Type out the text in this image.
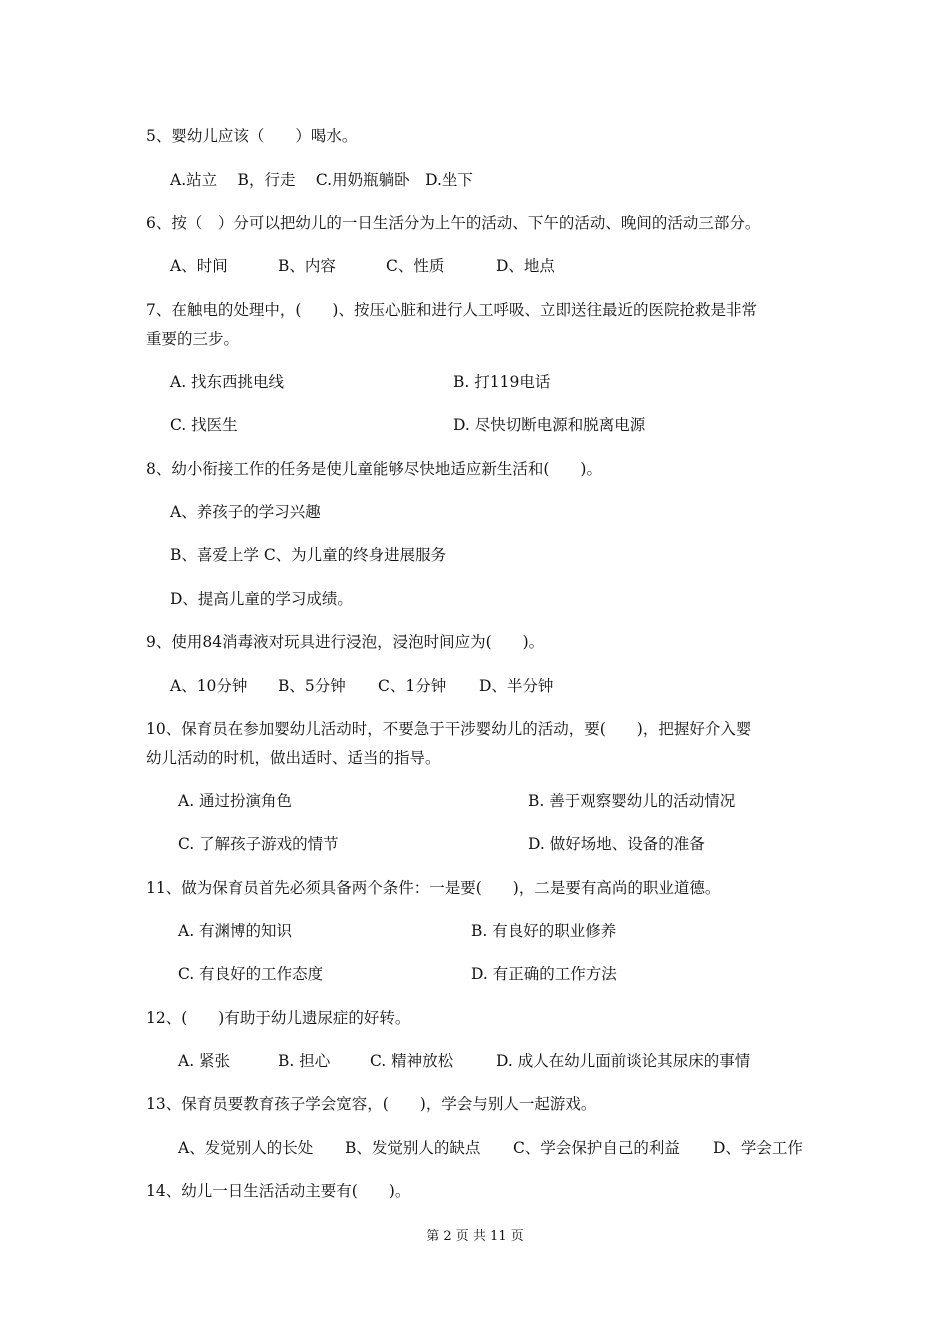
5、婴幼儿应该（　　）喝水。
A.站立　 B，行走　 C.用奶瓶躺卧　D.坐下
6、按（　）分可以把幼儿的一日生活分为上午的活动、下午的活动、晚间的活动三部分。
A、时间	B、内容	C、性质	D、地点
7、在触电的处理中，(　　)、按压心脏和进行人工呼吸、立即送往最近的医院抢救是非常
重要的三步。
A. 找东西挑电线	B. 打119电话
C. 找医生	D. 尽快切断电源和脱离电源
8、幼小衔接工作的任务是使儿童能够尽快地适应新生活和(　　)。
A、养孩子的学习兴趣
B、喜爱上学 C、为儿童的终身进展服务
D、提高儿童的学习成绩。
9、使用84消毒液对玩具进行浸泡，浸泡时间应为(　　)。
A、10分钟 B、5分钟 C、1分钟 D、半分钟
10、保育员在参加婴幼儿活动时，不要急于干涉婴幼儿的活动，要(　　)，把握好介入婴
幼儿活动的时机，做出适时、适当的指导。
A. 通过扮演角色	B. 善于观察婴幼儿的活动情况
C. 了解孩子游戏的情节	D. 做好场地、设备的准备
11、做为保育员首先必须具备两个条件：一是要(　　)，二是要有高尚的职业道德。
A. 有渊博的知识	B. 有良好的职业修养
C. 有良好的工作态度	D. 有正确的工作方法
12、(　　)有助于幼儿遗尿症的好转。
A. 紧张	B. 担心	C. 精神放松	D. 成人在幼儿面前谈论其尿床的事情
13、保育员要教育孩子学会宽容，(　　)，学会与别人一起游戏。
A、发觉别人的长处 B、发觉别人的缺点 C、学会保护自己的利益 D、学会工作
14、幼儿一日生活活动主要有(　　)。
第 2 页 共 11 页
